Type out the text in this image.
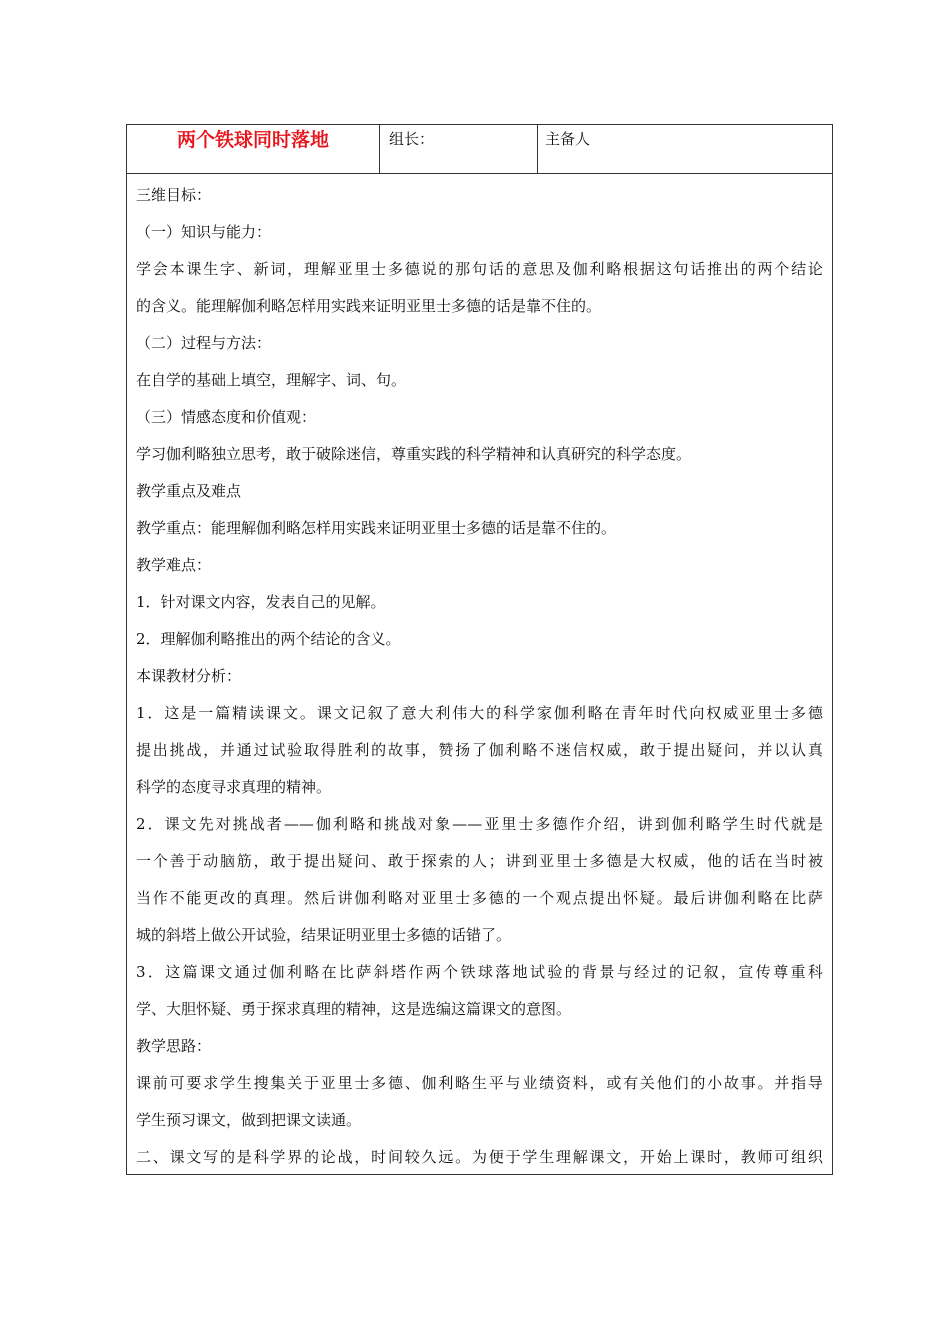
两个铁球同时落地	组长：	主备人
三维目标：
（一）知识与能力：
学会本课生字、新词，理解亚里士多德说的那句话的意思及伽利略根据这句话推出的两个结论
的含义。能理解伽利略怎样用实践来证明亚里士多德的话是靠不住的。
（二）过程与方法：
在自学的基础上填空，理解字、词、句。
（三）情感态度和价值观：
学习伽利略独立思考，敢于破除迷信，尊重实践的科学精神和认真研究的科学态度。
教学重点及难点
教学重点：能理解伽利略怎样用实践来证明亚里士多德的话是靠不住的。
教学难点：
1．针对课文内容，发表自己的见解。
2．理解伽利略推出的两个结论的含义。
本课教材分析：
1．这是一篇精读课文。课文记叙了意大利伟大的科学家伽利略在青年时代向权威亚里士多德
提出挑战，并通过试验取得胜利的故事，赞扬了伽利略不迷信权威，敢于提出疑问，并以认真
科学的态度寻求真理的精神。
2．课文先对挑战者——伽利略和挑战对象——亚里士多德作介绍，讲到伽利略学生时代就是
一个善于动脑筋，敢于提出疑问、敢于探索的人；讲到亚里士多德是大权威，他的话在当时被
当作不能更改的真理。然后讲伽利略对亚里士多德的一个观点提出怀疑。最后讲伽利略在比萨
城的斜塔上做公开试验，结果证明亚里士多德的话错了。
3．这篇课文通过伽利略在比萨斜塔作两个铁球落地试验的背景与经过的记叙，宣传尊重科
学、大胆怀疑、勇于探求真理的精神，这是选编这篇课文的意图。
教学思路：
课前可要求学生搜集关于亚里士多德、伽利略生平与业绩资料，或有关他们的小故事。并指导
学生预习课文，做到把课文读通。
二、课文写的是科学界的论战，时间较久远。为便于学生理解课文，开始上课时，教师可组织
